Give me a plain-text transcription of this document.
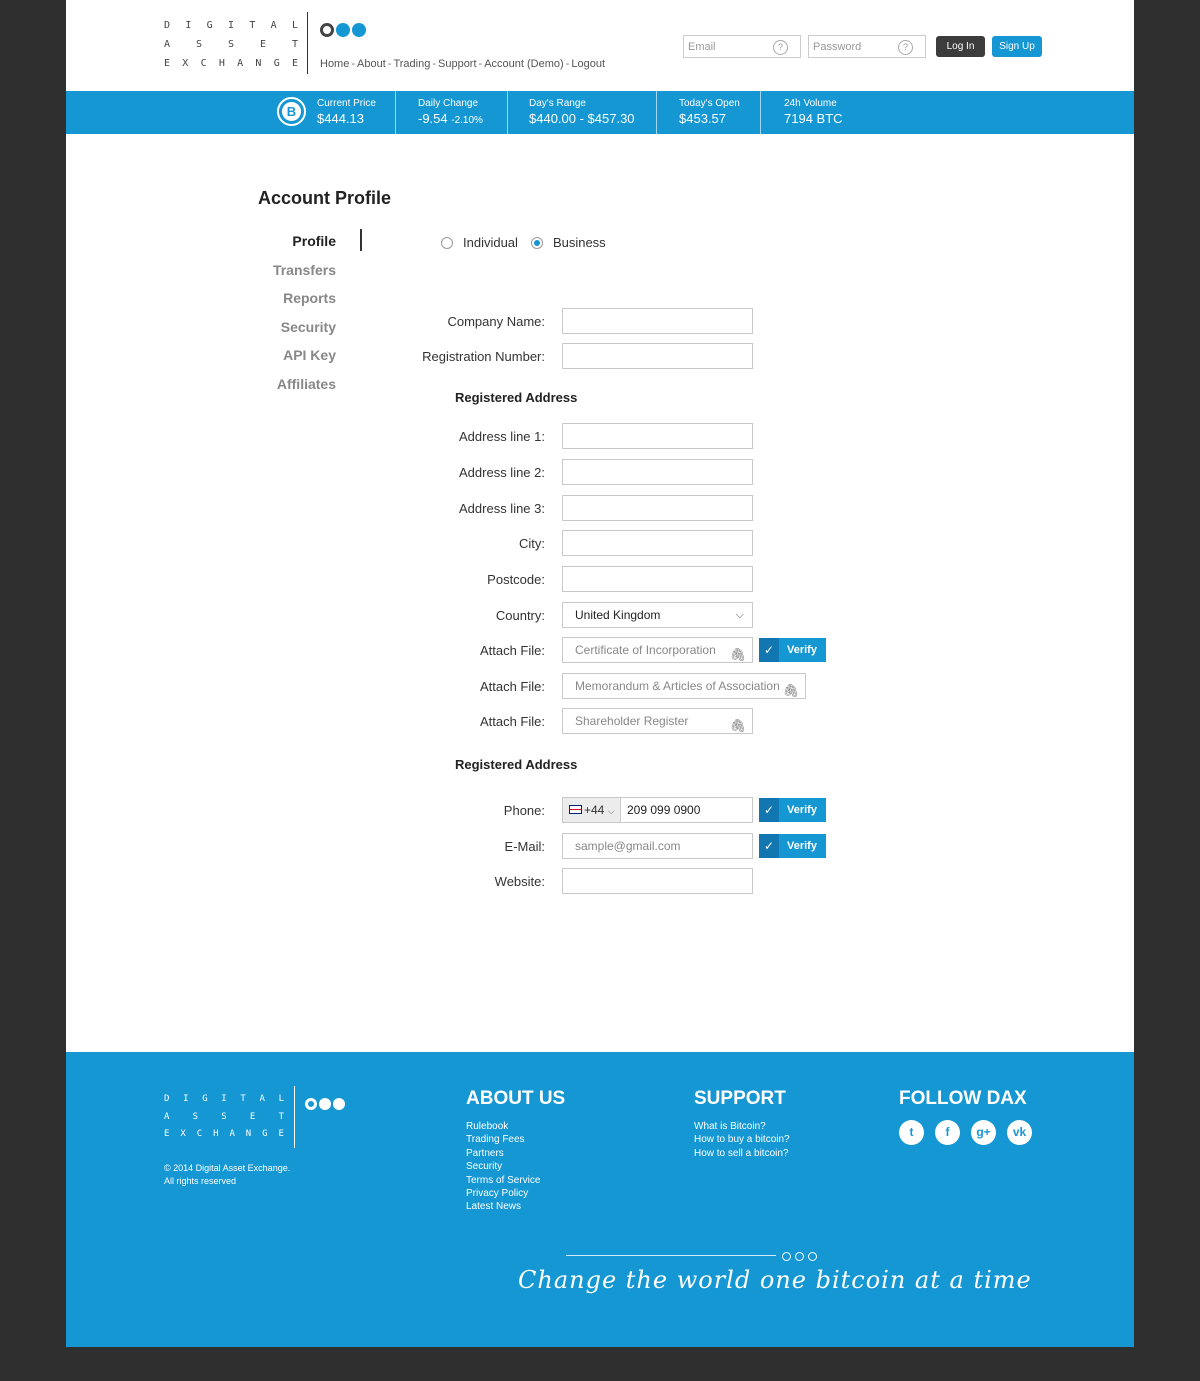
D I G I T A L
A	S	S	E	T
E X C H A N G E Home - About - Trading - Support - Account (Demo) - Logout
Email	?	Password	?	Log In	Sign Up
B
Current Price
$444.13
Daily Change
-9.54 -2.10%
Day's Range
$440.00 - $457.30
Today's Open
$453.57
24h Volume
7194 BTC
Account Profile
Profile
Transfers
Reports
Security
API Key
Affiliates
Individual	Business
Company Name:
Registration Number:
Registered Address
Address line 1:
Address line 2:
Address line 3:
City:
Postcode:
Country:	United Kingdom	⌵
Attach File:	Certificate of Incorporation 🖇	✓	Verify
Attach File:	Memorandum & Articles of Association 🖇
Attach File:	Shareholder Register	🖇
Registered Address
Phone:	+44 ⌵	209 099 0900	✓	Verify
E-Mail:	sample@gmail.com	✓	Verify
Website:
D I G I T A L
A	S	S	E	T
E X C H A N G E
© 2014 Digital Asset Exchange.
All rights reserved
ABOUT US
Rulebook
Trading Fees
Partners
Security
Terms of Service
Privacy Policy
Latest News
SUPPORT
What is Bitcoin?
How to buy a bitcoin?
How to sell a bitcoin?
FOLLOW DAX
t	f	g+	vk
Change the world one bitcoin at a time
